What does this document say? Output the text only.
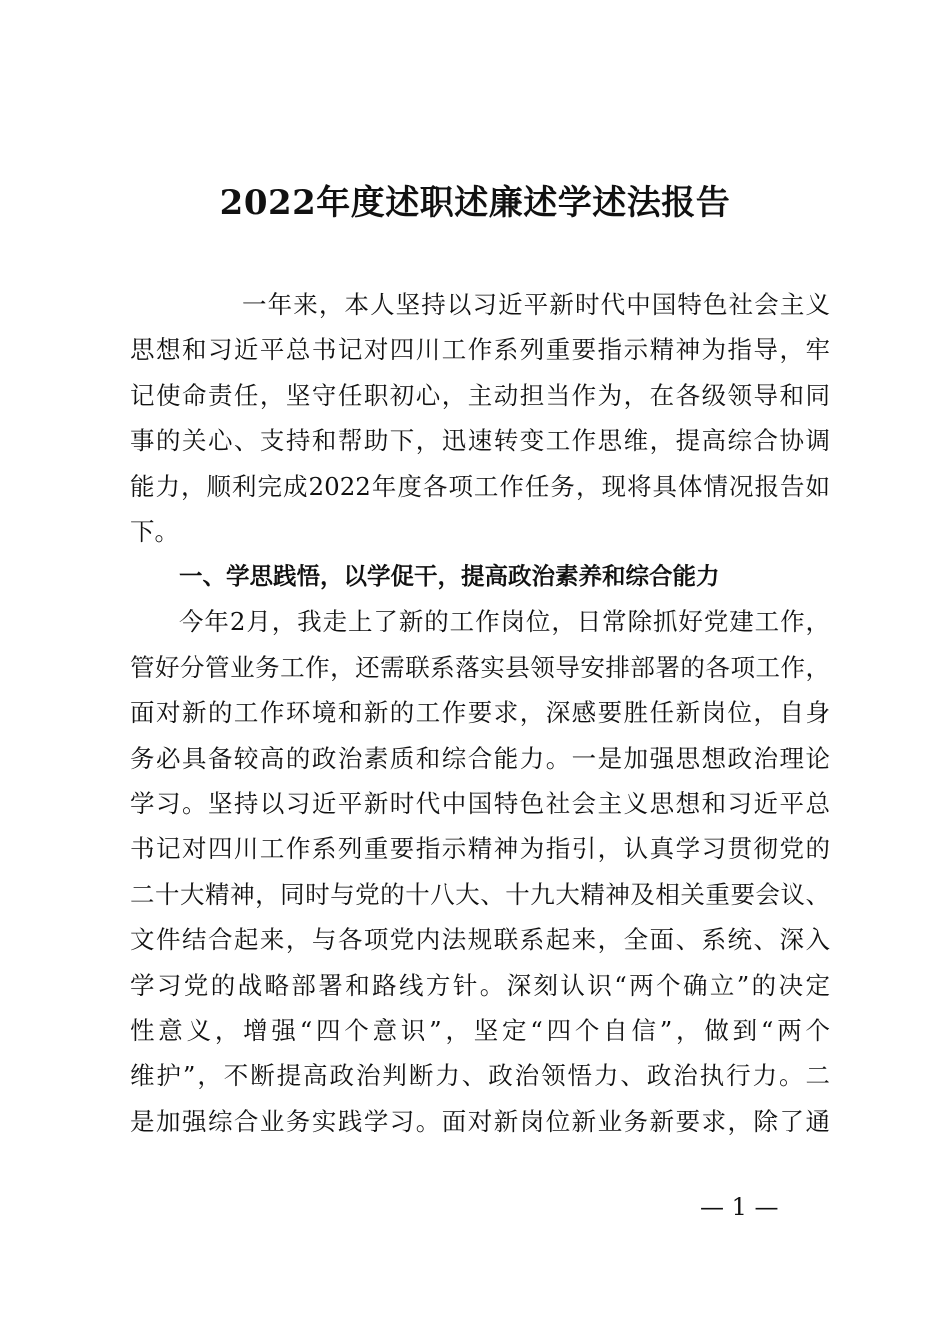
2022年度述职述廉述学述法报告
一年来，本人坚持以习近平新时代中国特色社会主义
思想和习近平总书记对四川工作系列重要指示精神为指导，牢
记使命责任，坚守任职初心，主动担当作为，在各级领导和同
事的关心、支持和帮助下，迅速转变工作思维，提高综合协调
能力，顺利完成2022年度各项工作任务，现将具体情况报告如
下。
一、学思践悟，以学促干，提高政治素养和综合能力
今年2月，我走上了新的工作岗位，日常除抓好党建工作，
管好分管业务工作，还需联系落实县领导安排部署的各项工作，
面对新的工作环境和新的工作要求，深感要胜任新岗位，自身
务必具备较高的政治素质和综合能力。一是加强思想政治理论
学习。坚持以习近平新时代中国特色社会主义思想和习近平总
书记对四川工作系列重要指示精神为指引，认真学习贯彻党的
二十大精神，同时与党的十八大、十九大精神及相关重要会议、
文件结合起来，与各项党内法规联系起来，全面、系统、深入
学习党的战略部署和路线方针。深刻认识“两个确立”的决定
性意义，增强“四个意识”，坚定“四个自信”，做到“两个
维护”，不断提高政治判断力、政治领悟力、政治执行力。二
是加强综合业务实践学习。面对新岗位新业务新要求，除了通
— 1 —
